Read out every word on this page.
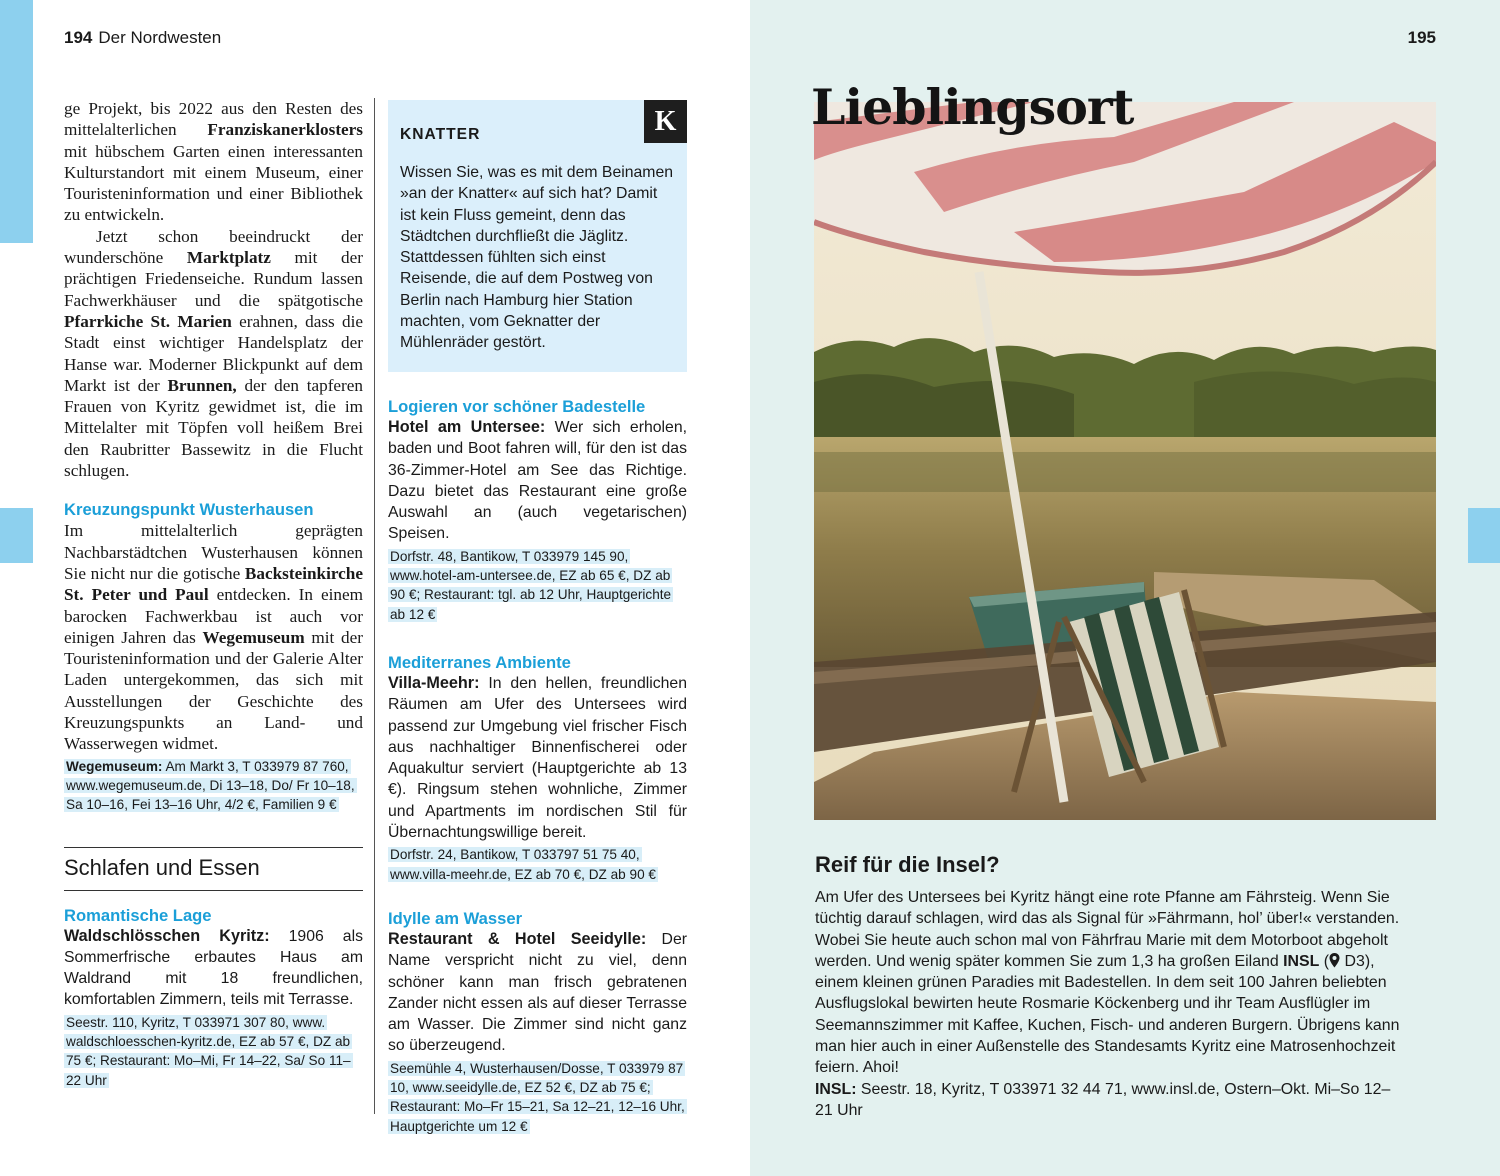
194 Der Nordwesten	195

ge Projekt, bis 2022 aus den Resten des mittelalterlichen Franziskanerklosters mit hübschem Garten einen interessanten Kulturstandort mit einem Museum, einer Touristeninformation und einer Bibliothek zu entwickeln.

Jetzt schon beeindruckt der wunderschöne Marktplatz mit der prächtigen Friedenseiche. Rundum lassen Fachwerkhäuser und die spätgotische Pfarrkiche St. Marien erahnen, dass die Stadt einst wichtiger Handelsplatz der Hanse war. Moderner Blickpunkt auf dem Markt ist der Brunnen, der den tapferen Frauen von Kyritz gewidmet ist, die im Mittelalter mit Töpfen voll heißem Brei den Raubritter Bassewitz in die Flucht schlugen.

Kreuzungspunkt Wusterhausen

Im mittelalterlich geprägten Nachbarstädtchen Wusterhausen können Sie nicht nur die gotische Backsteinkirche St. Peter und Paul entdecken. In einem barocken Fachwerkbau ist auch vor einigen Jahren das Wegemuseum mit der Touristeninformation und der Galerie Alter Laden untergekommen, das sich mit Ausstellungen der Geschichte des Kreuzungspunkts an Land- und Wasserwegen widmet.

Wegemuseum: Am Markt 3, T 033979 87 760, www.wegemuseum.de, Di 13–18, Do/ Fr 10–18, Sa 10–16, Fei 13–16 Uhr, 4/2 €, Familien 9 €

Schlafen und Essen
Romantische Lage

Waldschlösschen Kyritz: 1906 als Sommerfrische erbautes Haus am Waldrand mit 18 freundlichen, komfortablen Zimmern, teils mit Terrasse.

Seestr. 110, Kyritz, T 033971 307 80, www. waldschloesschen-kyritz.de, EZ ab 57 €, DZ ab 75 €; Restaurant: Mo–Mi, Fr 14–22, Sa/ So 11–22 Uhr

K
KNATTER

Wissen Sie, was es mit dem Beinamen »an der Knatter« auf sich hat? Damit ist kein Fluss gemeint, denn das Städtchen durchfließt die Jäglitz. Stattdessen fühlten sich einst Reisende, die auf dem Postweg von Berlin nach Hamburg hier Station machten, vom Geknatter der Mühlenräder gestört.

Logieren vor schöner Badestelle

Hotel am Untersee: Wer sich erholen, baden und Boot fahren will, für den ist das 36-Zimmer-Hotel am See das Richtige. Dazu bietet das Restaurant eine große Auswahl an (auch vegetarischen) Speisen.

Dorfstr. 48, Bantikow, T 033979 145 90, www.hotel-am-untersee.de, EZ ab 65 €, DZ ab 90 €; Restaurant: tgl. ab 12 Uhr, Hauptgerichte ab 12 €

Mediterranes Ambiente

Villa-Meehr: In den hellen, freundlichen Räumen am Ufer des Untersees wird passend zur Umgebung viel frischer Fisch aus nachhaltiger Binnenfischerei oder Aquakultur serviert (Hauptgerichte ab 13 €). Ringsum stehen wohnliche, Zimmer und Apartments im nordischen Stil für Übernachtungswillige bereit.

Dorfstr. 24, Bantikow, T 033797 51 75 40, www.villa-meehr.de, EZ ab 70 €, DZ ab 90 €

Idylle am Wasser

Restaurant & Hotel Seeidylle: Der Name verspricht nicht zu viel, denn schöner kann man frisch gebratenen Zander nicht essen als auf dieser Terrasse am Wasser. Die Zimmer sind nicht ganz so überzeugend.

Seemühle 4, Wusterhausen/Dosse, T 033979 87 10, www.seeidylle.de, EZ 52 €, DZ ab 75 €; Restaurant: Mo–Fr 15–21, Sa 12–21, 12–16 Uhr, Hauptgerichte um 12 €

Lieblingsort
Reif für die Insel?

Am Ufer des Untersees bei Kyritz hängt eine rote Pfanne am Fährsteig. Wenn Sie tüchtig darauf schlagen, wird das als Signal für »Fährmann, hol’ über!« verstanden. Wobei Sie heute auch schon mal von Fährfrau Marie mit dem Motorboot abgeholt werden. Und wenig später kommen Sie zum 1,3 ha großen Eiland INSL ( D3), einem kleinen grünen Paradies mit Badestellen. In dem seit 100 Jahren beliebten Ausflugslokal bewirten heute Rosmarie Köckenberg und ihr Team Ausflügler im Seemannszimmer mit Kaffee, Kuchen, Fisch- und anderen Burgern. Übrigens kann man hier auch in einer Außenstelle des Standesamts Kyritz eine Matrosenhochzeit feiern. Ahoi!
INSL: Seestr. 18, Kyritz, T 033971 32 44 71, www.insl.de, Ostern–Okt. Mi–So 12–21 Uhr
